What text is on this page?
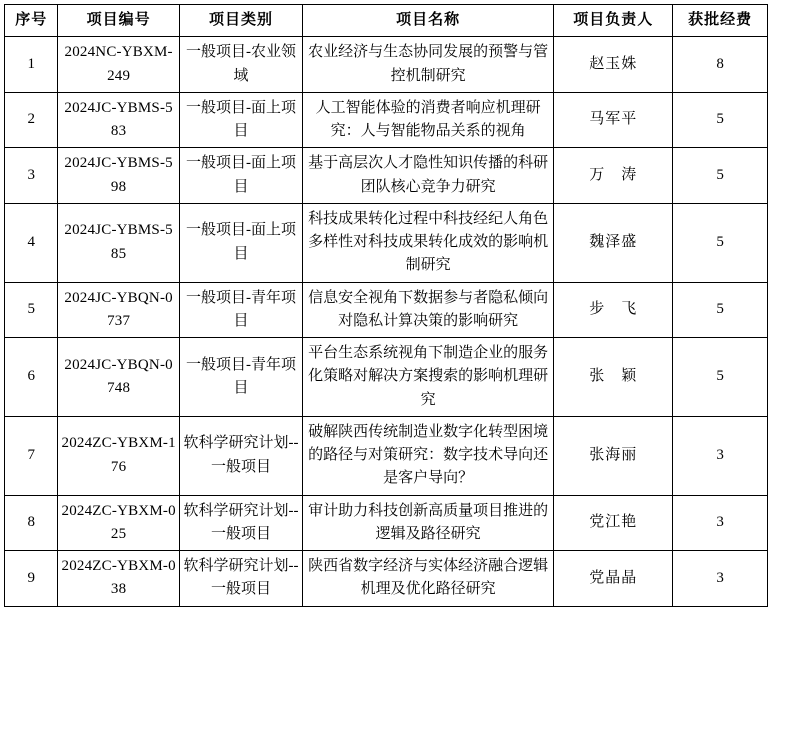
序号	项目编号	项目类别	项目名称	项目负责人	获批经费
1	2024NC-YBXM-249	一般项目-农业领域	农业经济与生态协同发展的预警与管控机制研究	赵玉姝	8
2	2024JC-YBMS-583	一般项目-面上项目	人工智能体验的消费者响应机理研究：人与智能物品关系的视角	马军平	5
3	2024JC-YBMS-598	一般项目-面上项目	基于高层次人才隐性知识传播的科研团队核心竞争力研究	万　涛	5
4	2024JC-YBMS-585	一般项目-面上项目	科技成果转化过程中科技经纪人角色多样性对科技成果转化成效的影响机制研究	魏泽盛	5
5	2024JC-YBQN-0737	一般项目-青年项目	信息安全视角下数据参与者隐私倾向对隐私计算决策的影响研究	步　飞	5
6	2024JC-YBQN-0748	一般项目-青年项目	平台生态系统视角下制造企业的服务化策略对解决方案搜索的影响机理研究	张　颖	5
7	2024ZC-YBXM-176	软科学研究计划--一般项目	破解陕西传统制造业数字化转型困境的路径与对策研究：数字技术导向还是客户导向？	张海丽	3
8	2024ZC-YBXM-025	软科学研究计划--一般项目	审计助力科技创新高质量项目推进的逻辑及路径研究	党江艳	3
9	2024ZC-YBXM-038	软科学研究计划--一般项目	陕西省数字经济与实体经济融合逻辑机理及优化路径研究	党晶晶	3
